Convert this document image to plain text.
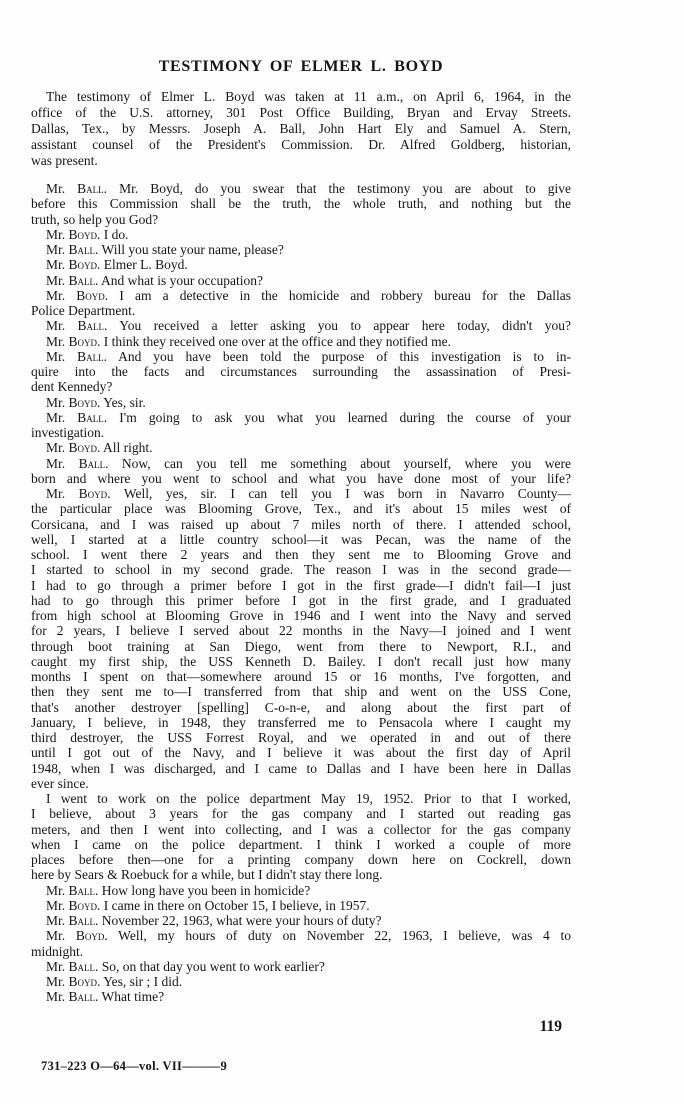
TESTIMONY OF ELMER L. BOYD
The testimony of Elmer L. Boyd was taken at 11 a.m., on April 6, 1964, in the
office of the U.S. attorney, 301 Post Office Building, Bryan and Ervay Streets.
Dallas, Tex., by Messrs. Joseph A. Ball, John Hart Ely and Samuel A. Stern,
assistant counsel of the President's Commission. Dr. Alfred Goldberg, historian,
was present.
Mr. Ball. Mr. Boyd, do you swear that the testimony you are about to give
before this Commission shall be the truth, the whole truth, and nothing but the
truth, so help you God?
Mr. Boyd. I do.
Mr. Ball. Will you state your name, please?
Mr. Boyd. Elmer L. Boyd.
Mr. Ball. And what is your occupation?
Mr. Boyd. I am a detective in the homicide and robbery bureau for the Dallas
Police Department.
Mr. Ball. You received a letter asking you to appear here today, didn't you?
Mr. Boyd. I think they received one over at the office and they notified me.
Mr. Ball. And you have been told the purpose of this investigation is to in-
quire into the facts and circumstances surrounding the assassination of Presi-
dent Kennedy?
Mr. Boyd. Yes, sir.
Mr. Ball. I'm going to ask you what you learned during the course of your
investigation.
Mr. Boyd. All right.
Mr. Ball. Now, can you tell me something about yourself, where you were
born and where you went to school and what you have done most of your life?
Mr. Boyd. Well, yes, sir. I can tell you I was born in Navarro County—
the particular place was Blooming Grove, Tex., and it's about 15 miles west of
Corsicana, and I was raised up about 7 miles north of there. I attended school,
well, I started at a little country school—it was Pecan, was the name of the
school. I went there 2 years and then they sent me to Blooming Grove and
I started to school in my second grade. The reason I was in the second grade—
I had to go through a primer before I got in the first grade—I didn't fail—I just
had to go through this primer before I got in the first grade, and I graduated
from high school at Blooming Grove in 1946 and I went into the Navy and served
for 2 years, I believe I served about 22 months in the Navy—I joined and I went
through boot training at San Diego, went from there to Newport, R.I., and
caught my first ship, the USS Kenneth D. Bailey. I don't recall just how many
months I spent on that—somewhere around 15 or 16 months, I've forgotten, and
then they sent me to—I transferred from that ship and went on the USS Cone,
that's another destroyer [spelling] C-o-n-e, and along about the first part of
January, I believe, in 1948, they transferred me to Pensacola where I caught my
third destroyer, the USS Forrest Royal, and we operated in and out of there
until I got out of the Navy, and I believe it was about the first day of April
1948, when I was discharged, and I came to Dallas and I have been here in Dallas
ever since.
I went to work on the police department May 19, 1952. Prior to that I worked,
I believe, about 3 years for the gas company and I started out reading gas
meters, and then I went into collecting, and I was a collector for the gas company
when I came on the police department. I think I worked a couple of more
places before then—one for a printing company down here on Cockrell, down
here by Sears & Roebuck for a while, but I didn't stay there long.
Mr. Ball. How long have you been in homicide?
Mr. Boyd. I came in there on October 15, I believe, in 1957.
Mr. Ball. November 22, 1963, what were your hours of duty?
Mr. Boyd. Well, my hours of duty on November 22, 1963, I believe, was 4 to
midnight.
Mr. Ball. So, on that day you went to work earlier?
Mr. Boyd. Yes, sir ; I did.
Mr. Ball. What time?
119
731–223 O—64—vol. VII———9
